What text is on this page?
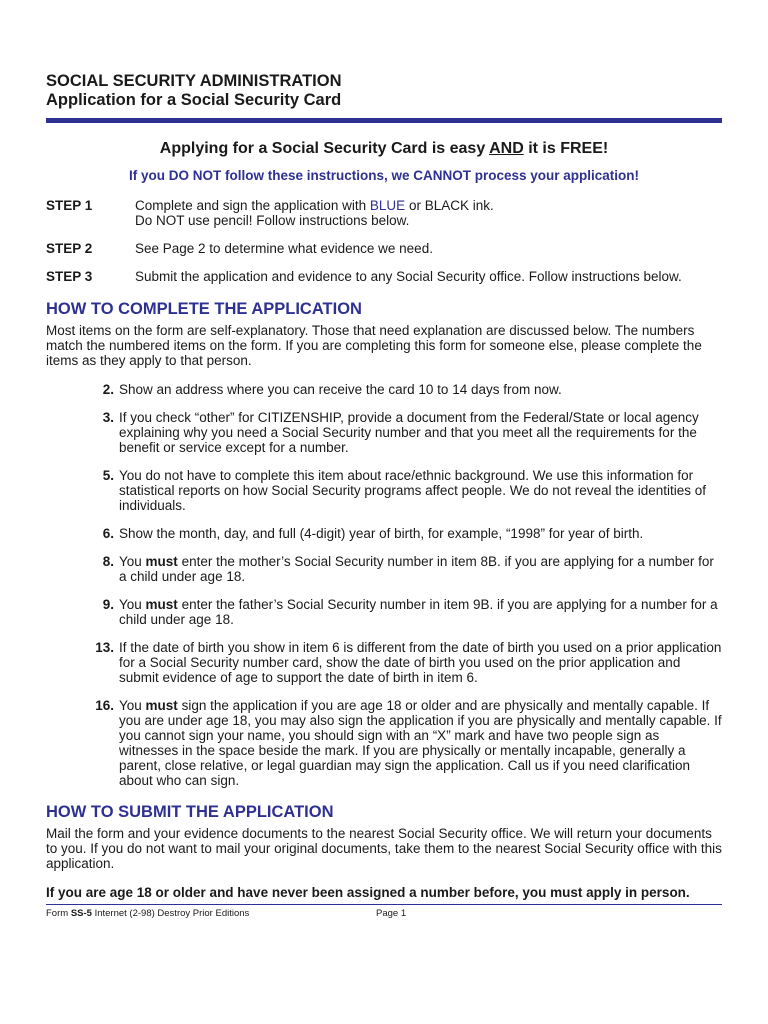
SOCIAL SECURITY ADMINISTRATION
Application for a Social Security Card
Applying for a Social Security Card is easy AND it is FREE!
If you DO NOT follow these instructions, we CANNOT process your application!
STEP 1	Complete and sign the application with BLUE or BLACK ink.
Do NOT use pencil! Follow instructions below.
STEP 2	See Page 2 to determine what evidence we need.
STEP 3	Submit the application and evidence to any Social Security office. Follow instructions below.
HOW TO COMPLETE THE APPLICATION
Most items on the form are self-explanatory. Those that need explanation are discussed below. The numbers match the numbered items on the form. If you are completing this form for someone else, please complete the items as they apply to that person.
2. Show an address where you can receive the card 10 to 14 days from now.
3. If you check “other” for CITIZENSHIP, provide a document from the Federal/State or local agency explaining why you need a Social Security number and that you meet all the requirements for the benefit or service except for a number.
5. You do not have to complete this item about race/ethnic background. We use this information for statistical reports on how Social Security programs affect people. We do not reveal the identities of individuals.
6. Show the month, day, and full (4-digit) year of birth, for example, “1998” for year of birth.
8. You must enter the mother’s Social Security number in item 8B. if you are applying for a number for a child under age 18.
9. You must enter the father’s Social Security number in item 9B. if you are applying for a number for a child under age 18.
13. If the date of birth you show in item 6 is different from the date of birth you used on a prior application for a Social Security number card, show the date of birth you used on the prior application and submit evidence of age to support the date of birth in item 6.
16. You must sign the application if you are age 18 or older and are physically and mentally capable. If you are under age 18, you may also sign the application if you are physically and mentally capable. If you cannot sign your name, you should sign with an “X” mark and have two people sign as witnesses in the space beside the mark. If you are physically or mentally incapable, generally a parent, close relative, or legal guardian may sign the application. Call us if you need clarification about who can sign.
HOW TO SUBMIT THE APPLICATION
Mail the form and your evidence documents to the nearest Social Security office. We will return your documents to you. If you do not want to mail your original documents, take them to the nearest Social Security office with this application.
If you are age 18 or older and have never been assigned a number before, you must apply in person.
Form SS-5 Internet (2-98) Destroy Prior Editions	Page 1
